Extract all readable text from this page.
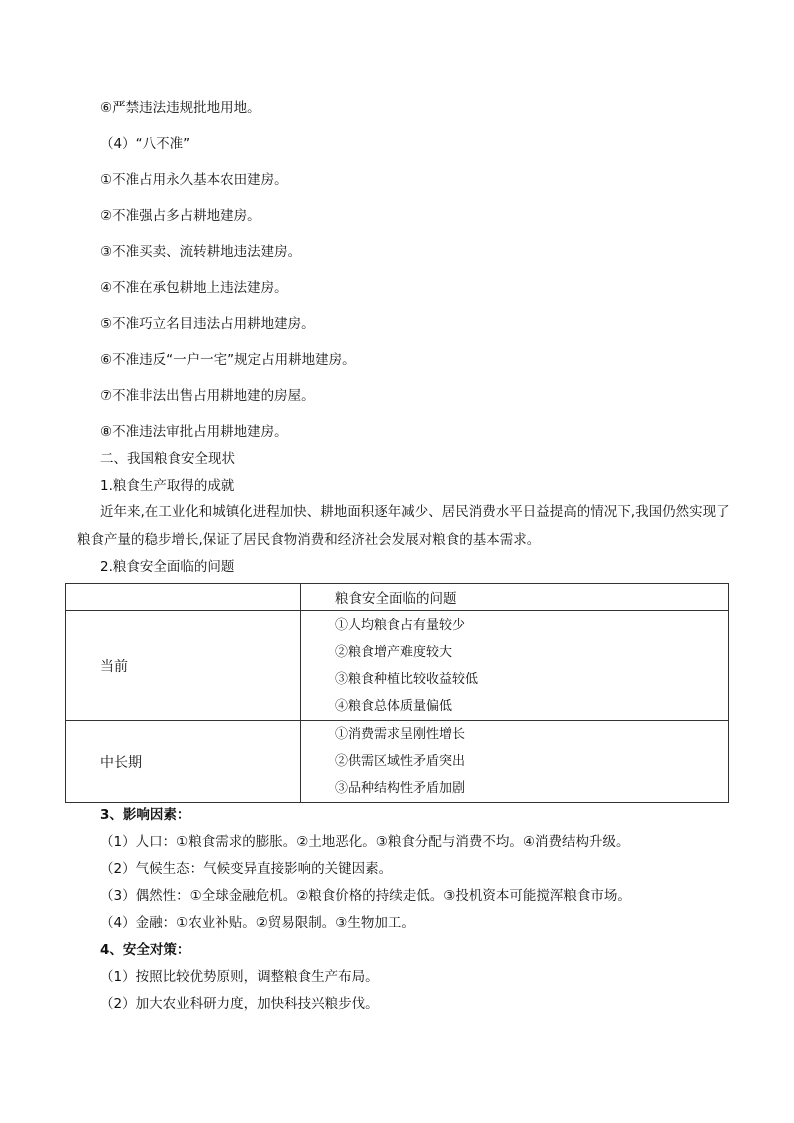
⑥严禁违法违规批地用地。
（4）“八不准”
①不准占用永久基本农田建房。
②不准强占多占耕地建房。
③不准买卖、流转耕地违法建房。
④不准在承包耕地上违法建房。
⑤不准巧立名目违法占用耕地建房。
⑥不准违反“一户一宅”规定占用耕地建房。
⑦不准非法出售占用耕地建的房屋。
⑧不准违法审批占用耕地建房。
二、我国粮食安全现状
1.粮食生产取得的成就
近年来,在工业化和城镇化进程加快、耕地面积逐年减少、居民消费水平日益提高的情况下,我国仍然实现了粮食产量的稳步增长,保证了居民食物消费和经济社会发展对粮食的基本需求。
2.粮食安全面临的问题
	粮食安全面临的问题
当前	①人均粮食占有量较少
②粮食增产难度较大
③粮食种植比较收益较低
④粮食总体质量偏低

中长期	①消费需求呈刚性增长
②供需区域性矛盾突出
③品种结构性矛盾加剧
3、影响因素：
（1）人口：①粮食需求的膨胀。②土地恶化。③粮食分配与消费不均。④消费结构升级。
（2）气候生态：气候变异直接影响的关键因素。
（3）偶然性：①全球金融危机。②粮食价格的持续走低。③投机资本可能搅浑粮食市场。
（4）金融：①农业补贴。②贸易限制。③生物加工。
4、安全对策：
（1）按照比较优势原则，调整粮食生产布局。
（2）加大农业科研力度，加快科技兴粮步伐。
